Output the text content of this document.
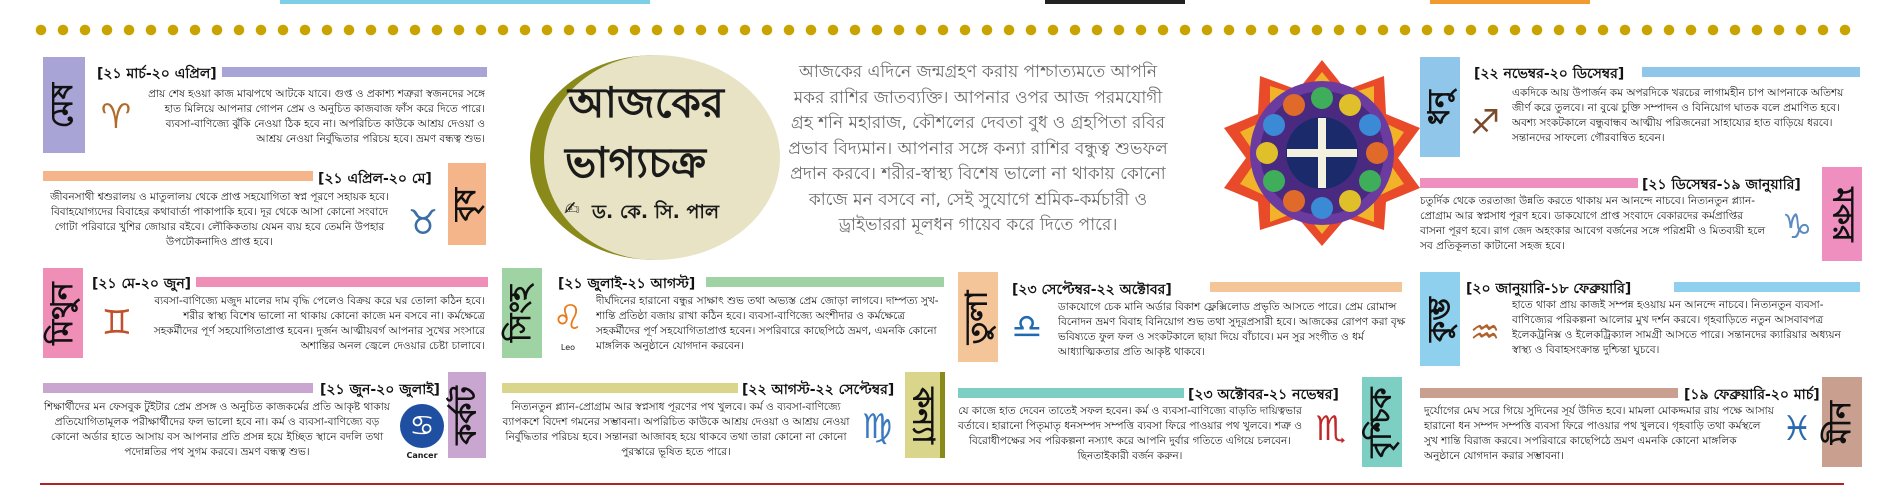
মেষ
[২১ মার্চ-২০ এপ্রিল]
♈
প্রায় শেষ হওয়া কাজ মাঝপথে আটকে যাবে। গুপ্ত ও প্রকাশ্য শত্রুরা স্বজনদের সঙ্গে হাত মিলিয়ে আপনার গোপন প্রেম ও অনুচিত কাজবাজ ফাঁস করে দিতে পারে। ব্যবসা-বাণিজ্যে ঝুঁকি নেওয়া ঠিক হবে না। অপরিচিত কাউকে আশ্রয় দেওয়া ও আশ্রয় নেওয়া নির্বুদ্ধিতার পরিচয় হবে। ভ্রমণ বন্ধত্ব শুভ।
[২১ এপ্রিল-২০ মে]
বৃষ
জীবনসাথী শ্বশুরালয় ও মাতুলালয় থেকে প্রাপ্ত সহযোগিতা স্বপ্ন পূরণে সহায়ক হবে। বিবাহযোগ্যদের বিবাহের কথাবার্তা পাকাপাকি হবে। দূর থেকে আসা কোনো সংবাদে গোটা পরিবারে খুশির জোয়ার বইবে। লৌকিকতায় যেমন ব্যয় হবে তেমনি উপহার উপঢৌকনাদিও প্রাপ্ত হবে।	♉
মিথুন [২১ মে-২০ জুন]
♊
ব্যবসা-বাণিজ্যে মজুদ মালের দাম বৃদ্ধি পেলেও বিক্রয় করে ঘর তোলা কঠিন হবে। শরীর স্বাস্থ্য বিশেষ ভালো না থাকায় কোনো কাজে মন বসবে না। কর্মক্ষেত্রে সহকর্মীদের পূর্ণ সহযোগিতাপ্রাপ্ত হবেন। দুর্জন আত্মীয়বর্গ আপনার সুখের সংসারে অশান্তির অনল জ্বেলে দেওয়ার চেষ্টা চালাবে।
[২১ জুন-২০ জুলাই] কর্কট
শিক্ষার্থীদের মন ফেসবুক টুইটার প্রেম প্রসঙ্গ ও অনুচিত কাজকর্মের প্রতি আকৃষ্ট থাকায় প্রতিযোগিতামূলক পরীক্ষার্থীদের ফল ভালো হবে না। কর্ম ও ব্যবসা-বাণিজ্যে বড় কোনো অর্ডার হাতে আসায় বস আপনার প্রতি প্রসন্ন হয়ে ইচ্ছিত স্থানে বদলি তথা পদোন্নতির পথ সুগম করবে। ভ্রমণ বন্ধত্ব শুভ।
♋
Cancer
আজকের
ভাগ্যচক্র
✍ ড. কে. সি. পাল
আজকের এদিনে জন্মগ্রহণ করায় পাশ্চাত্যমতে আপনি মকর রাশির জাতব্যক্তি। আপনার ওপর আজ পরমযোগী গ্রহ শনি মহারাজ, কৌশলের দেবতা বুধ ও গ্রহপিতা রবির প্রভাব বিদ্যমান। আপনার সঙ্গে কন্যা রাশির বন্ধুত্ব শুভফল প্রদান করবে। শরীর-স্বাস্থ্য বিশেষ ভালো না থাকায় কোনো কাজে মন বসবে না, সেই সুযোগে শ্রমিক-কর্মচারী ও ড্রাইভাররা মূলধন গায়েব করে দিতে পারে।
সিংহ
[২১ জুলাই-২১ আগস্ট]
♌
Leo
দীর্ঘদিনের হারানো বন্ধুর সাক্ষাৎ শুভ তথা অভ্যস্ত প্রেম জোড়া লাগবে। দাম্পত্য সুখ-শান্তি প্রতিষ্ঠা বজায় রাখা কঠিন হবে। ব্যবসা-বাণিজ্যে অংশীদার ও কর্মক্ষেত্রে সহকর্মীদের পূর্ণ সহযোগিতাপ্রাপ্ত হবেন। সপরিবারে কাছেপিঠে ভ্রমণ, এমনকি কোনো মাঙ্গলিক অনুষ্ঠানে যোগদান করবেন।
[২২ আগস্ট-২২ সেপ্টেম্বর] কন্যা
নিত্যনতুন প্ল্যান-প্রোগ্রাম আর স্বপ্নসাধ পূরণের পথ খুলবে। কর্ম ও ব্যবসা-বাণিজ্যে ব্যাপকশে বিদেশ গমনের সম্ভাবনা। অপরিচিত কাউকে আশ্রয় দেওয়া ও আশ্রয় নেওয়া নির্বুদ্ধিতার পরিচয় হবে। সন্তানরা আজাবহ হয়ে থাকবে তথা তারা কোনো না কোনো পুরস্কারে ভূষিত হতে পারে।
♍
তুলা
[২৩ সেপ্টেম্বর-২২ অক্টোবর]
♎	ডাকযোগে চেক মানি অর্ডার বিকাশ ফ্লেক্সিলোড প্রভৃতি আসতে পারে। প্রেম রোমান্স বিনোদন ভ্রমণ বিবাহ বিনিয়োগ শুভ তথা সুদূরপ্রসারী হবে। আজকের রোপণ করা বৃক্ষ ভবিষ্যতে ফুল ফল ও সংকটকালে ছায়া দিয়ে বাঁচাবে। মন সুর সংগীত ও ধর্ম আধ্যাত্মিকতার প্রতি আকৃষ্ট থাকবে।
[২৩ অক্টোবর-২১ নভেম্বর] বৃশ্চিক
যে কাজে হাত দেবেন তাতেই সফল হবেন। কর্ম ও ব্যবসা-বাণিজ্যে বাড়তি দায়িত্বভার বর্তাবে। হারানো পিতৃমাতৃ ধনসম্পদ সম্পত্তি ব্যবসা ফিরে পাওয়ার পথ খুলবে। শত্রু ও বিরোধীপক্ষের সব পরিকল্পনা নস্যাৎ করে আপনি দুর্বার গতিতে এগিয়ে চলবেন। ছিনতাইকারী বর্জন করুন।
♏
ধনু
[২২ নভেম্বর-২০ ডিসেম্বর]
♐
একদিকে আয় উপার্জন কম অপরদিকে খরচের লাগামহীন চাপ আপনাকে অতিশয় জীর্ণ করে তুলবে। না বুঝে চুক্তি সম্পাদন ও বিনিয়োগ ঘাতক বলে প্রমাণিত হবে। অবশ্য সংকটকালে বন্ধুবান্ধব আত্মীয় পরিজনেরা সাহায্যের হাত বাড়িয়ে ধরবে। সন্তানদের সাফল্যে গৌরবান্বিত হবেন।
[২১ ডিসেম্বর-১৯ জানুয়ারি]
মকর
চতুর্দিক থেকে তরতাজা উন্নতি করতে থাকায় মন আনন্দে নাচবে। নিত্যনতুন প্ল্যান-প্রোগ্রাম আর স্বপ্নসাধ পূরণ হবে। ডাকযোগে প্রাপ্ত সংবাদে বেকারদের কর্মপ্রাপ্তির বাসনা পূরণ হবে। রাগ জেদ অহংকার আবেগ বর্জনের সঙ্গে পরিশ্রমী ও মিতব্যয়ী হলে সব প্রতিকূলতা কাটানো সহজ হবে।	♑
কুম্ভ
[২০ জানুয়ারি-১৮ ফেব্রুয়ারি]
♒
হাতে থাকা প্রায় কাজই সম্পন্ন হওয়ায় মন আনন্দে নাচবে। নিত্যনতুন ব্যবসা-বাণিজ্যের পরিকল্পনা আলোর মুখ দর্শন করবে। গৃহবাড়িতে নতুন আসবাবপত্র ইলেকট্রনিক্স ও ইলেকট্রিক্যাল সামগ্রী আসতে পারে। সন্তানদের ক্যারিয়ার অধ্যয়ন স্বাস্থ্য ও বিবাহসংক্রান্ত দুশ্চিন্তা ঘুচবে।
[১৯ ফেব্রুয়ারি-২০ মার্চ]
মীন
দুর্যোগের মেঘ সরে গিয়ে সুদিনের সূর্য উদিত হবে। মামলা মোকদ্দমার রায় পক্ষে আসায় হারানো ধন সম্পদ সম্পত্তি ব্যবসা ফিরে পাওয়ার পথ খুলবে। গৃহবাড়ি তথা কর্মস্থলে সুখ শান্তি বিরাজ করবে। সপরিবারে কাছেপিঠে ভ্রমণ এমনকি কোনো মাঙ্গলিক অনুষ্ঠানে যোগদান করার সম্ভাবনা।
♓
